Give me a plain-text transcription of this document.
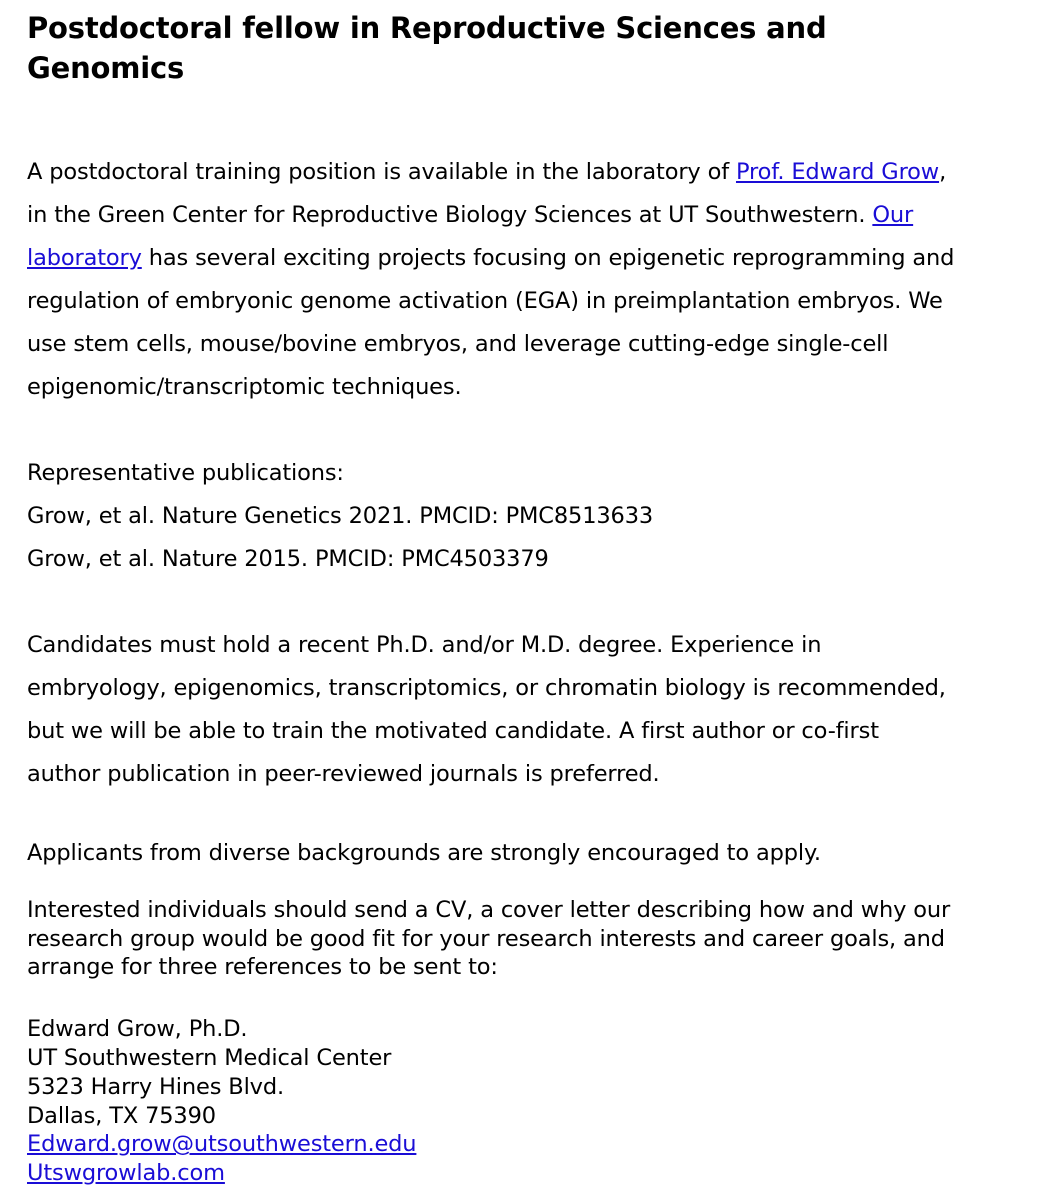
Postdoctoral fellow in Reproductive Sciences and
Genomics
A postdoctoral training position is available in the laboratory of Prof. Edward Grow,
in the Green Center for Reproductive Biology Sciences at UT Southwestern. Our
laboratory has several exciting projects focusing on epigenetic reprogramming and
regulation of embryonic genome activation (EGA) in preimplantation embryos. We
use stem cells, mouse/bovine embryos, and leverage cutting-edge single-cell
epigenomic/transcriptomic techniques.
Representative publications:
Grow, et al. Nature Genetics 2021. PMCID: PMC8513633
Grow, et al. Nature 2015. PMCID: PMC4503379
Candidates must hold a recent Ph.D. and/or M.D. degree. Experience in
embryology, epigenomics, transcriptomics, or chromatin biology is recommended,
but we will be able to train the motivated candidate. A first author or co-first
author publication in peer-reviewed journals is preferred.
Applicants from diverse backgrounds are strongly encouraged to apply.
Interested individuals should send a CV, a cover letter describing how and why our
research group would be good fit for your research interests and career goals, and
arrange for three references to be sent to:
Edward Grow, Ph.D.
UT Southwestern Medical Center
5323 Harry Hines Blvd.
Dallas, TX 75390
Edward.grow@utsouthwestern.edu
Utswgrowlab.com
